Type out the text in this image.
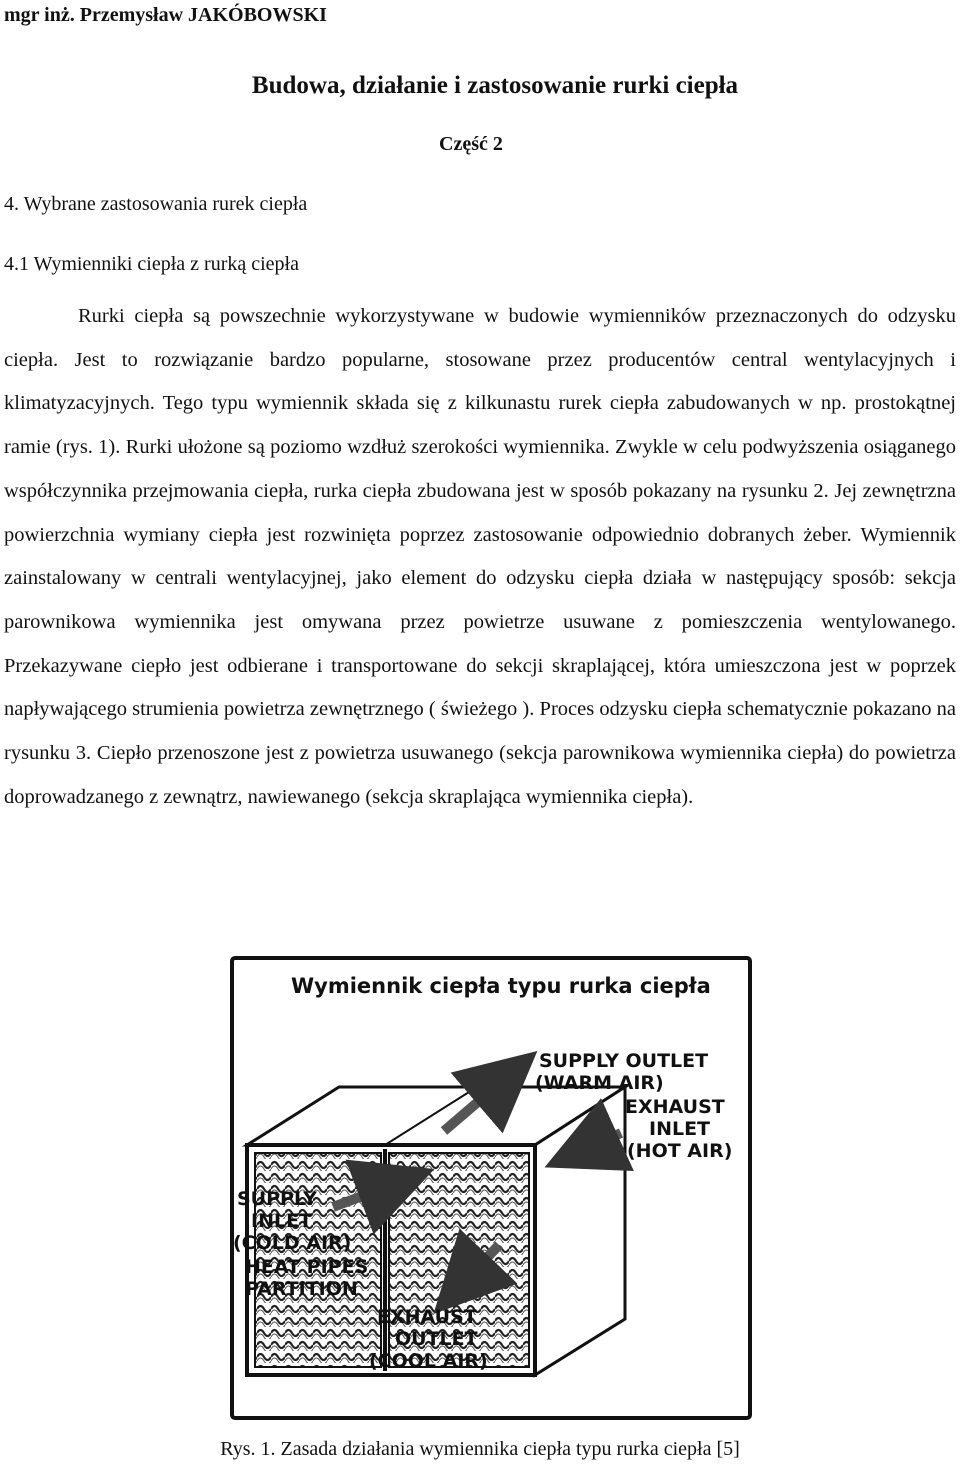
mgr inż. Przemysław JAKÓBOWSKI
Budowa, działanie i zastosowanie rurki ciepła
Część 2
4. Wybrane zastosowania rurek ciepła
4.1 Wymienniki ciepła z rurką ciepła

Rurki ciepła są powszechnie wykorzystywane w budowie wymienników przeznaczonych do odzysku ciepła. Jest to rozwiązanie bardzo popularne, stosowane przez producentów central wentylacyjnych i klimatyzacyjnych. Tego typu wymiennik składa się z kilkunastu rurek ciepła zabudowanych w np. prostokątnej ramie (rys. 1). Rurki ułożone są poziomo wzdłuż szerokości wymiennika. Zwykle w celu podwyższenia osiąganego współczynnika przejmowania ciepła, rurka ciepła zbudowana jest w sposób pokazany na rysunku 2. Jej zewnętrzna powierzchnia wymiany ciepła jest rozwinięta poprzez zastosowanie odpowiednio dobranych żeber. Wymiennik zainstalowany w centrali wentylacyjnej, jako element do odzysku ciepła działa w następujący sposób: sekcja parownikowa wymiennika jest omywana przez powietrze usuwane z pomieszczenia wentylowanego. Przekazywane ciepło jest odbierane i transportowane do sekcji skraplającej, która umieszczona jest w poprzek napływającego strumienia powietrza zewnętrznego ( świeżego ). Proces odzysku ciepła schematycznie pokazano na rysunku 3. Ciepło przenoszone jest z powietrza usuwanego (sekcja parownikowa wymiennika ciepła) do powietrza doprowadzanego z zewnątrz, nawiewanego (sekcja skraplająca wymiennika ciepła).

Wymiennik ciepła typu rurka ciepła
SUPPLY OUTLET
(WARM AIR)
EXHAUST
INLET
(HOT AIR)
SUPPLY
INLET
(COLD AIR)
HEAT PIPES
PARTITION
EXHAUST
OUTLET
(COOL AIR)
Rys. 1. Zasada działania wymiennika ciepła typu rurka ciepła [5]
